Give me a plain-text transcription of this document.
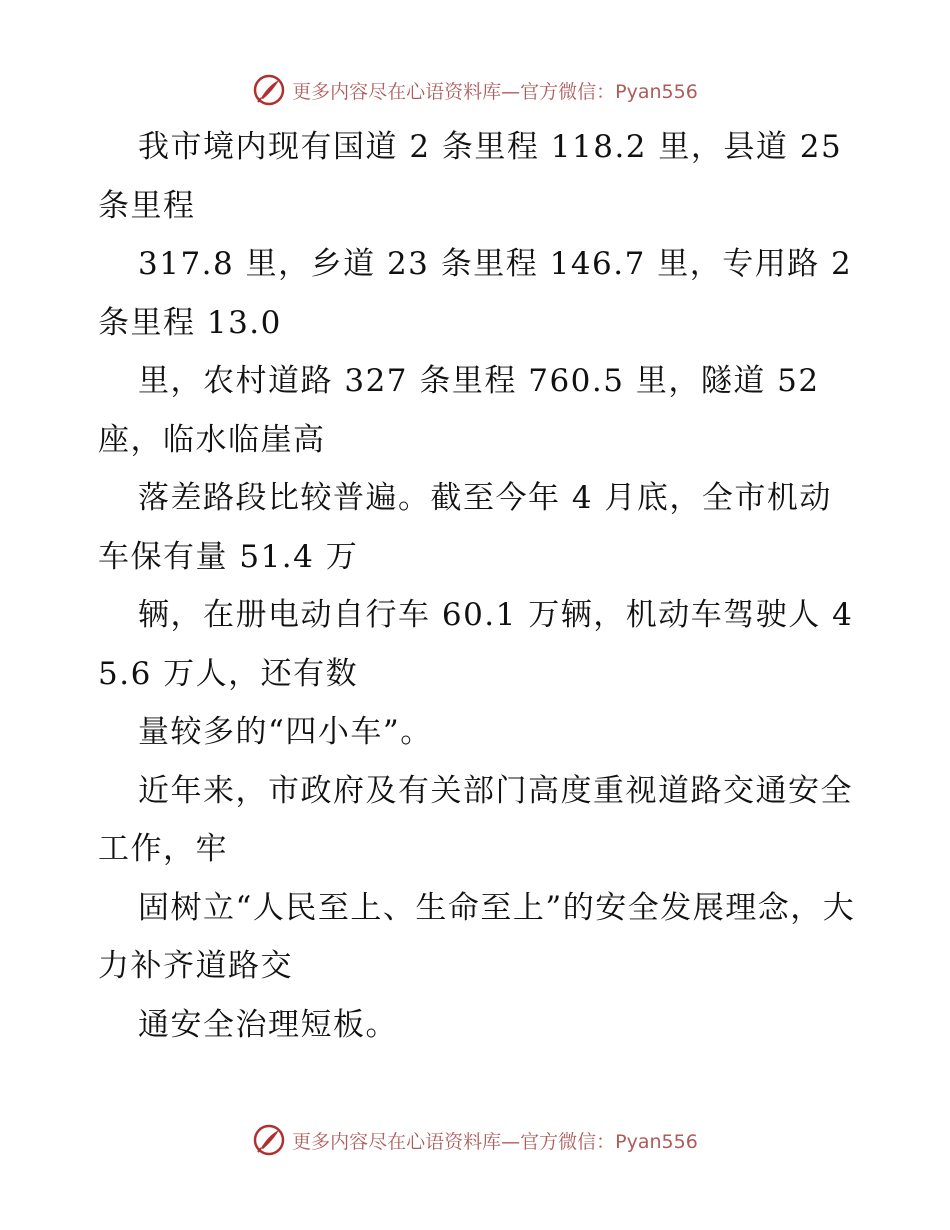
更多内容尽在心语资料库—官方微信：Pyan556

我市境内现有国道 2 条里程 118.2 里，县道 25 条里程

317.8 里，乡道 23 条里程 146.7 里，专用路 2 条里程 13.0

里，农村道路 327 条里程 760.5 里，隧道 52 座，临水临崖高

落差路段比较普遍。截至今年 4 月底，全市机动车保有量 51.4 万

辆，在册电动自行车 60.1 万辆，机动车驾驶人 45.6 万人，还有数

量较多的“四小车”。

近年来，市政府及有关部门高度重视道路交通安全工作，牢

固树立“人民至上、生命至上”的安全发展理念，大力补齐道路交

通安全治理短板。

更多内容尽在心语资料库—官方微信：Pyan556
